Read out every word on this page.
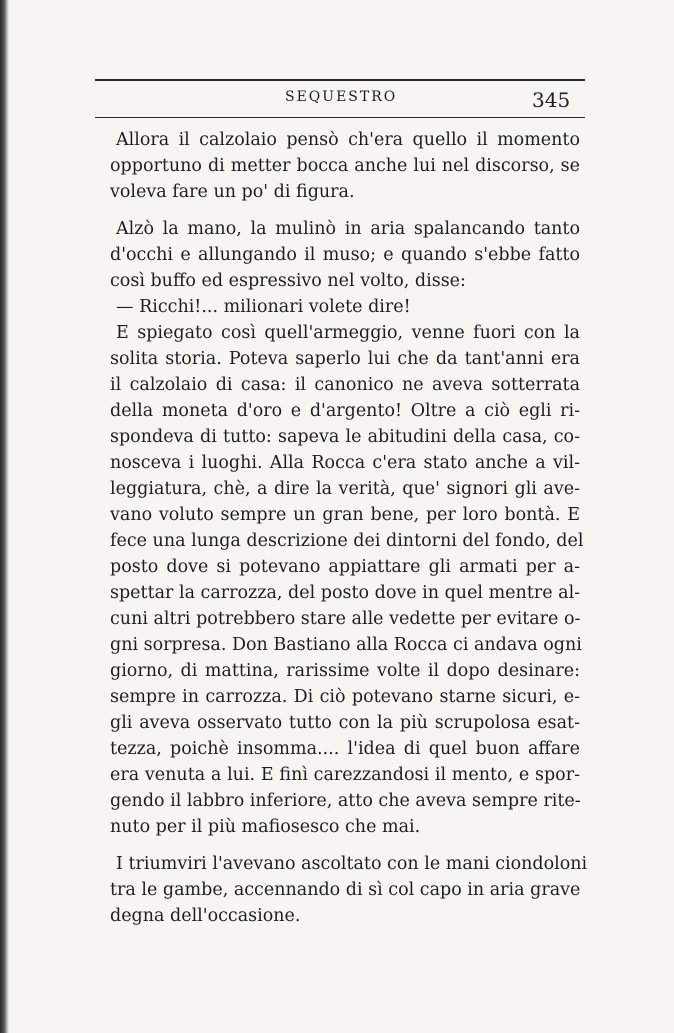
SEQUESTRO	345
Allora il calzolaio pensò ch'era quello il momento
opportuno di metter bocca anche lui nel discorso, se
voleva fare un po' di figura.
Alzò la mano, la mulinò in aria spalancando tanto
d'occhi e allungando il muso; e quando s'ebbe fatto
così buffo ed espressivo nel volto, disse:
— Ricchi!... milionari volete dire!
E spiegato così quell'armeggio, venne fuori con la
solita storia. Poteva saperlo lui che da tant'anni era
il calzolaio di casa: il canonico ne aveva sotterrata
della moneta d'oro e d'argento! Oltre a ciò egli ri-
spondeva di tutto: sapeva le abitudini della casa, co-
nosceva i luoghi. Alla Rocca c'era stato anche a vil-
leggiatura, chè, a dire la verità, que' signori gli ave-
vano voluto sempre un gran bene, per loro bontà. E
fece una lunga descrizione dei dintorni del fondo, del
posto dove si potevano appiattare gli armati per a-
spettar la carrozza, del posto dove in quel mentre al-
cuni altri potrebbero stare alle vedette per evitare o-
gni sorpresa. Don Bastiano alla Rocca ci andava ogni
giorno, di mattina, rarissime volte il dopo desinare:
sempre in carrozza. Di ciò potevano starne sicuri, e-
gli aveva osservato tutto con la più scrupolosa esat-
tezza, poichè insomma.... l'idea di quel buon affare
era venuta a lui. E finì carezzandosi il mento, e spor-
gendo il labbro inferiore, atto che aveva sempre rite-
nuto per il più mafiosesco che mai.
I triumviri l'avevano ascoltato con le mani ciondoloni
tra le gambe, accennando di sì col capo in aria grave
degna dell'occasione.
